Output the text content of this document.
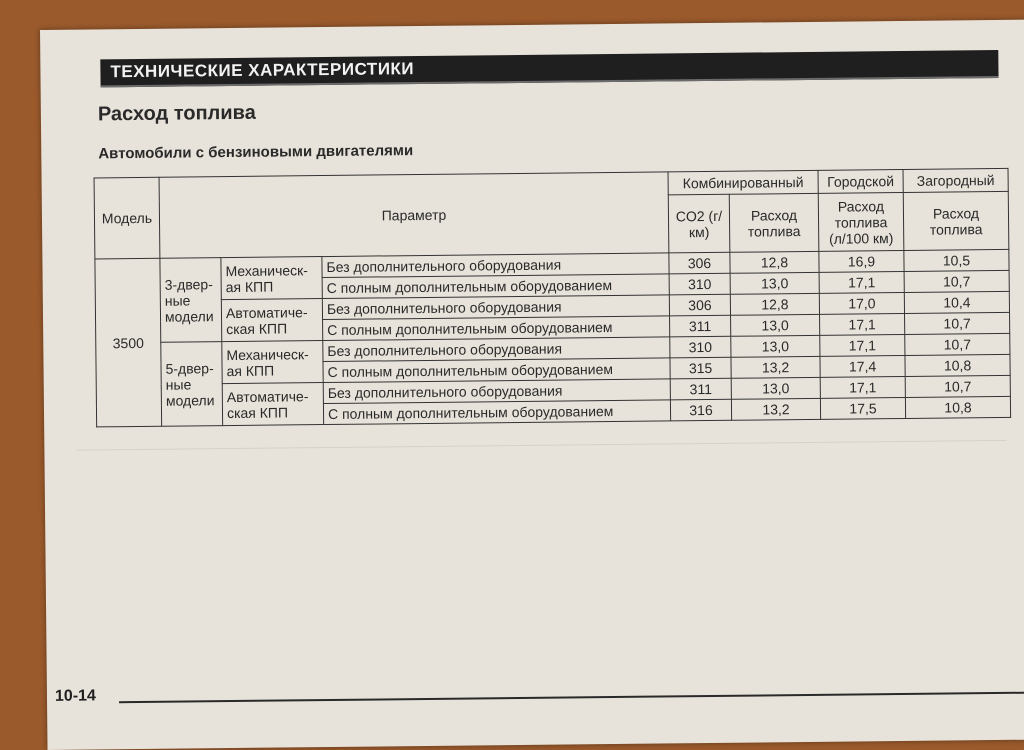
ТЕХНИЧЕСКИЕ ХАРАКТЕРИСТИКИ
Расход топлива
Автомобили с бензиновыми двигателями
Модель	Параметр			Комбинированный		Городской	Загородный
				CO2 (г/км)	Расход топлива	Расход топлива (л/100 км)	Расход топлива
3500	3-двер- ные модели	Механическ- ая КПП	Без дополнительного оборудования	306	12,8	16,9	10,5
			С полным дополнительным оборудованием	310	13,0	17,1	10,7
		Автоматиче- ская КПП	Без дополнительного оборудования	306	12,8	17,0	10,4
			С полным дополнительным оборудованием	311	13,0	17,1	10,7
	5-двер- ные модели	Механическ- ая КПП	Без дополнительного оборудования	310	13,0	17,1	10,7
			С полным дополнительным оборудованием	315	13,2	17,4	10,8
		Автоматиче- ская КПП	Без дополнительного оборудования	311	13,0	17,1	10,7
			С полным дополнительным оборудованием	316	13,2	17,5	10,8
10-14
